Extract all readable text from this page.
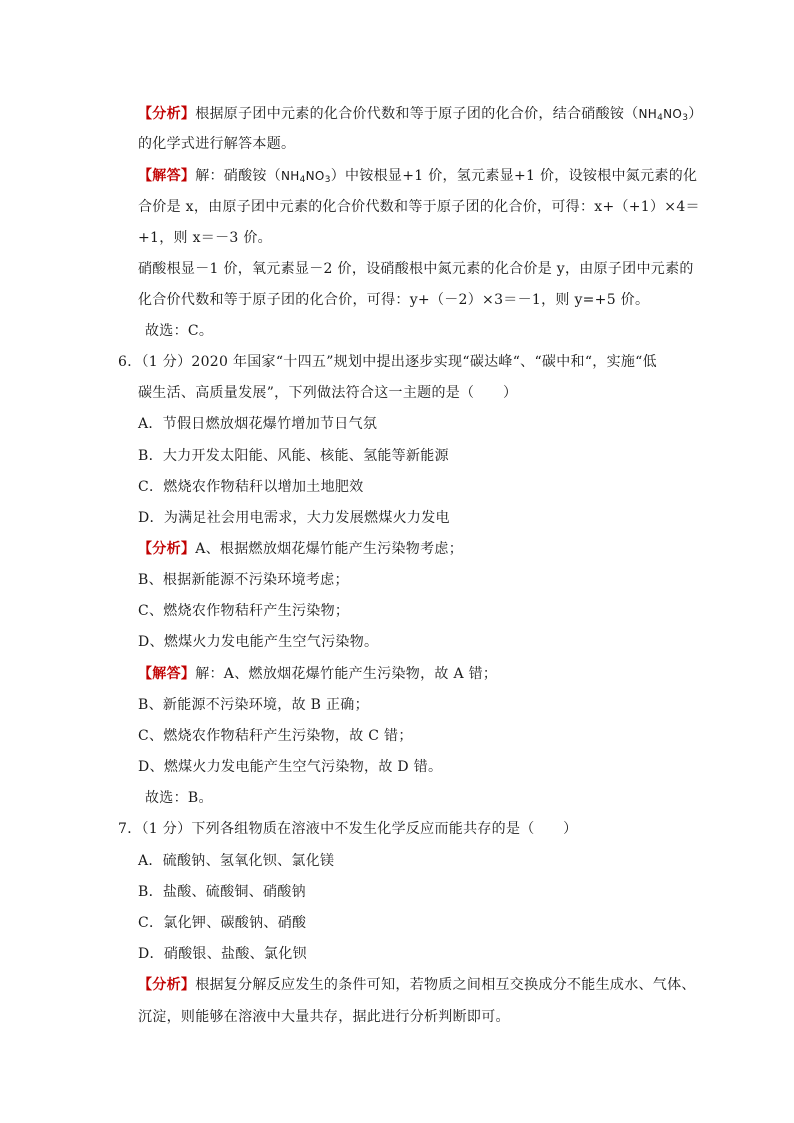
【分析】根据原子团中元素的化合价代数和等于原子团的化合价，结合硝酸铵$(NH_4NO_3)$
的化学式进行解答本题。
【解答】解：硝酸铵$(NH_4NO_3)$中铵根显+1 价，氢元素显+1 价，设铵根中氮元素的化
合价是 x，由原子团中元素的化合价代数和等于原子团的化合价，可得：x+（+1）×4＝
+1，则 x＝－3 价。
硝酸根显－1 价，氧元素显－2 价，设硝酸根中氮元素的化合价是 y，由原子团中元素的
化合价代数和等于原子团的化合价，可得：y+（－2）×3＝－1，则 y=+5 价。
故选：C。
6．（1 分）2020 年国家“十四五”规划中提出逐步实现“碳达峰“、“碳中和“，实施“低
碳生活、高质量发展”，下列做法符合这一主题的是（　　）
A．节假日燃放烟花爆竹增加节日气氛
B．大力开发太阳能、风能、核能、氢能等新能源
C．燃烧农作物秸秆以增加土地肥效
D．为满足社会用电需求，大力发展燃煤火力发电
【分析】A、根据燃放烟花爆竹能产生污染物考虑；
B、根据新能源不污染环境考虑；
C、燃烧农作物秸秆产生污染物；
D、燃煤火力发电能产生空气污染物。
【解答】解：A、燃放烟花爆竹能产生污染物，故 A 错；
B、新能源不污染环境，故 B 正确；
C、燃烧农作物秸秆产生污染物，故 C 错；
D、燃煤火力发电能产生空气污染物，故 D 错。
故选：B。
7．（1 分）下列各组物质在溶液中不发生化学反应而能共存的是（　　）
A．硫酸钠、氢氧化钡、氯化镁
B．盐酸、硫酸铜、硝酸钠
C．氯化钾、碳酸钠、硝酸
D．硝酸银、盐酸、氯化钡
【分析】根据复分解反应发生的条件可知，若物质之间相互交换成分不能生成水、气体、
沉淀，则能够在溶液中大量共存，据此进行分析判断即可。
